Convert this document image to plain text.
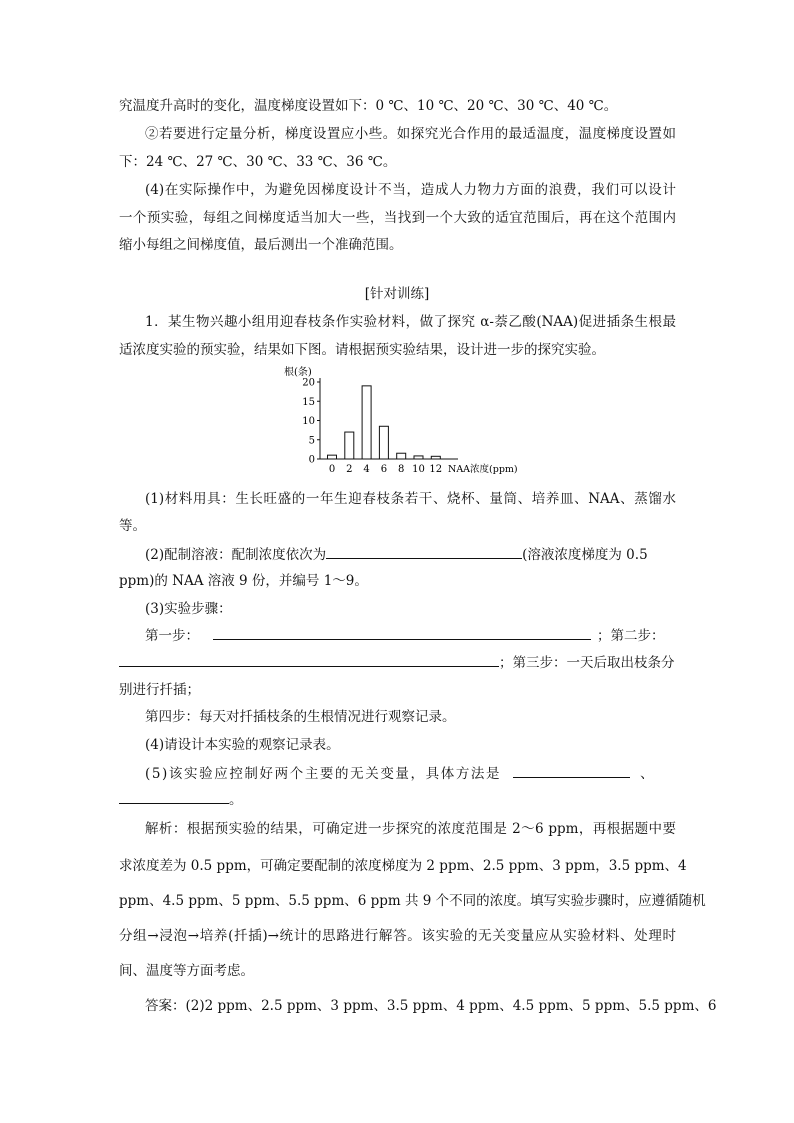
究温度升高时的变化，温度梯度设置如下：0 ℃、10 ℃、20 ℃、30 ℃、40 ℃。
②若要进行定量分析，梯度设置应小些。如探究光合作用的最适温度，温度梯度设置如
下：24 ℃、27 ℃、30 ℃、33 ℃、36 ℃。
(4)在实际操作中，为避免因梯度设计不当，造成人力物力方面的浪费，我们可以设计
一个预实验，每组之间梯度适当加大一些，当找到一个大致的适宜范围后，再在这个范围内
缩小每组之间梯度值，最后测出一个准确范围。
[针对训练]
1．某生物兴趣小组用迎春枝条作实验材料，做了探究 α-萘乙酸(NAA)促进插条生根最
适浓度实验的预实验，结果如下图。请根据预实验结果，设计进一步的探究实验。
根(条)
0
5
10
15
20
0 2 4 6 8 10 12 NAA浓度(ppm)
(1)材料用具：生长旺盛的一年生迎春枝条若干、烧杯、量筒、培养皿、NAA、蒸馏水
等。
(2)配制溶液：配制浓度依次为	(溶液浓度梯度为 0.5
ppm)的 NAA 溶液 9 份，并编号 1～9。
(3)实验步骤：
第一步：	；第二步：
；第三步：一天后取出枝条分
别进行扦插；
第四步：每天对扦插枝条的生根情况进行观察记录。
(4)请设计本实验的观察记录表。
(5)该实验应控制好两个主要的无关变量，具体方法是	、
。
解析：根据预实验的结果，可确定进一步探究的浓度范围是 2～6 ppm，再根据题中要
求浓度差为 0.5 ppm，可确定要配制的浓度梯度为 2 ppm、2.5 ppm、3 ppm，3.5 ppm、4
ppm、4.5 ppm、5 ppm、5.5 ppm、6 ppm 共 9 个不同的浓度。填写实验步骤时，应遵循随机
分组→浸泡→培养(扦插)→统计的思路进行解答。该实验的无关变量应从实验材料、处理时
间、温度等方面考虑。
答案：(2)2 ppm、2.5 ppm、3 ppm、3.5 ppm、4 ppm、4.5 ppm、5 ppm、5.5 ppm、6
